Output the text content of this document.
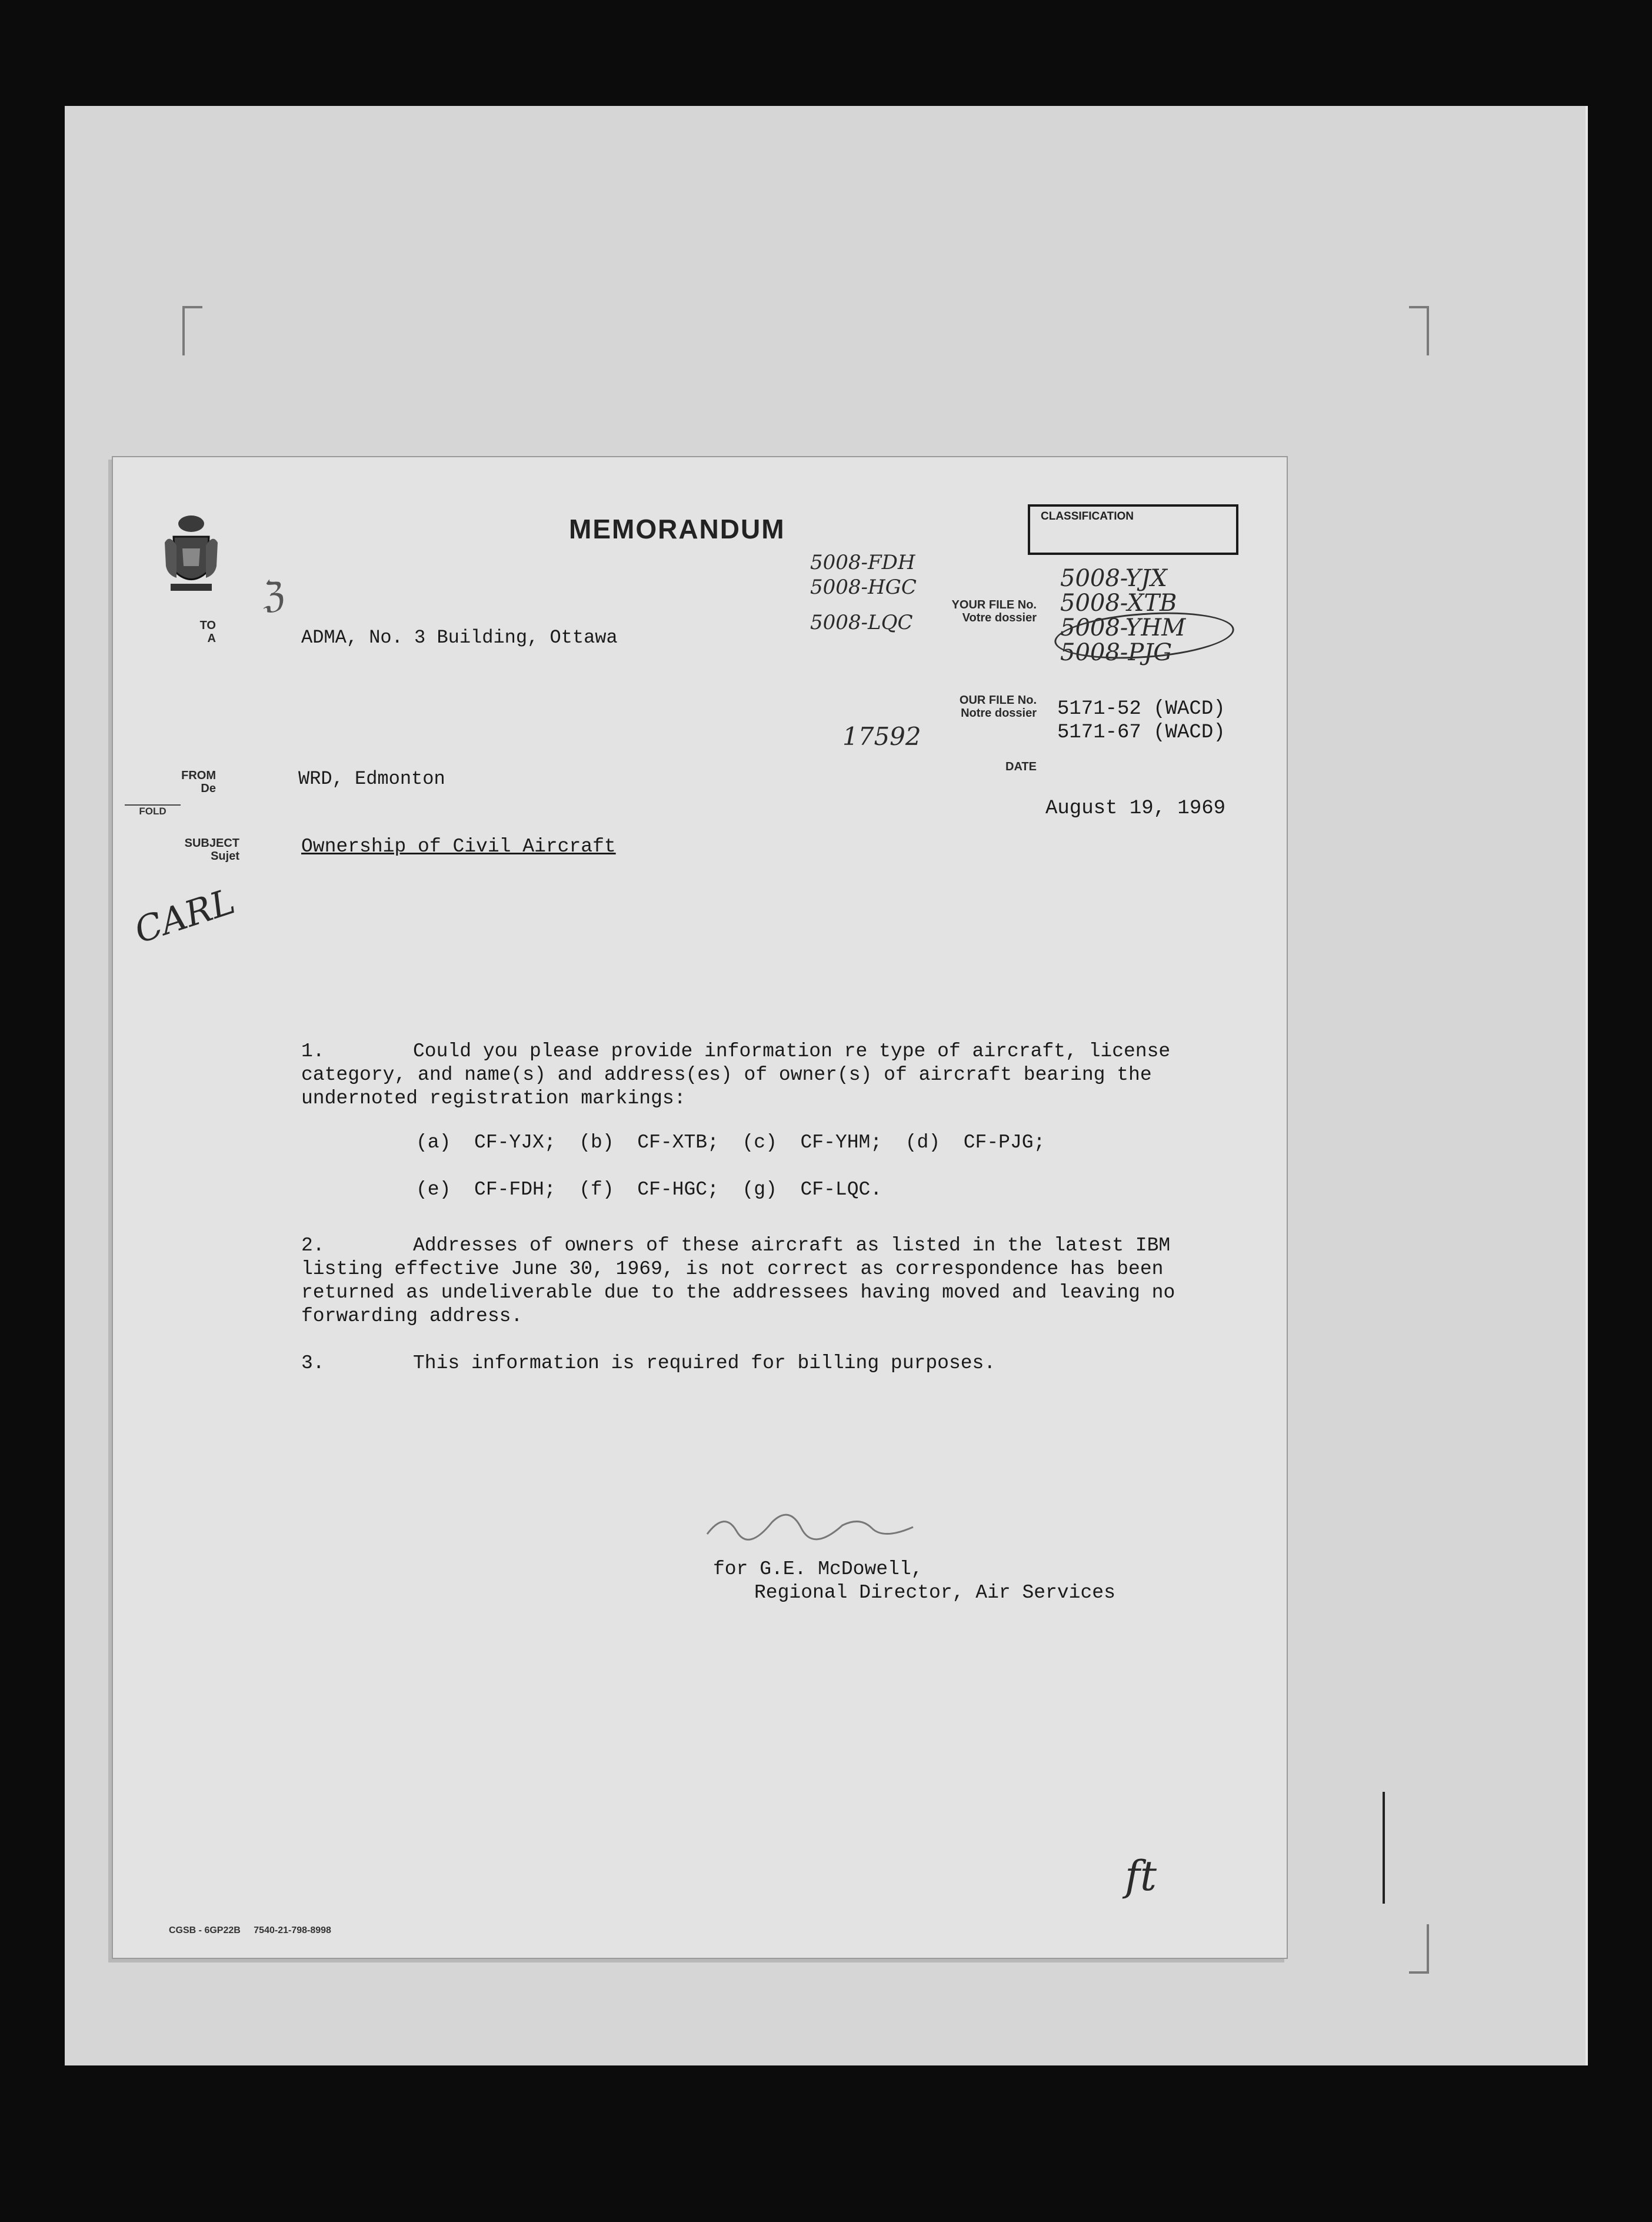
MEMORANDUM	CLASSIFICATION
TO
A	ADMA, No. 3 Building, Ottawa
ℨ
5008-FDH
5008-HGC
5008-LQC
YOUR FILE No.
Votre dossier
5008-YJX
5008-XTB
5008-YHM
5008-PJG
OUR FILE No.
Notre dossier 5171-52 (WACD)
5171-67 (WACD)
17592
DATE
August 19, 1969
FROM
De	WRD, Edmonton
FOLD
SUBJECT
Sujet	Ownership of Civil Aircraft
CARL
1.	Could you please provide information re type of aircraft, license
category, and name(s) and address(es) of owner(s) of aircraft bearing the
undernoted registration markings:
(a)  CF-YJX;  (b)  CF-XTB;  (c)  CF-YHM;  (d)  CF-PJG;
(e)  CF-FDH;  (f)  CF-HGC;  (g)  CF-LQC.
2.	Addresses of owners of these aircraft as listed in the latest IBM
listing effective June 30, 1969, is not correct as correspondence has been
returned as undeliverable due to the addressees having moved and leaving no
forwarding address.
3.	This information is required for billing purposes.
for G.E. McDowell,
Regional Director, Air Services
ft
CGSB - 6GP22B 7540-21-798-8998
